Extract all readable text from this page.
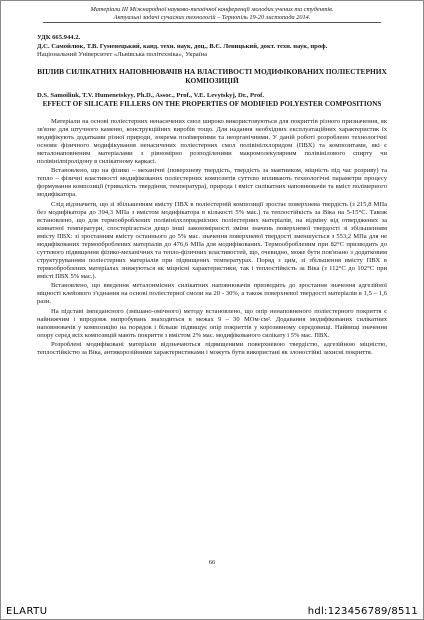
Матеріали ІІІ Міжнародної науково-технічної конференції молодих учених та студентів.
Актуальні задачі сучасних технологій – Тернопіль 19-20 листопада 2014.
УДК 665.944.2.
Д.С. Самойлюк, Т.В. Гуменецький, канд. техн. наук, доц., В.Є. Левицький, докт. техн. наук, проф.
Національний Університет «Львівська політехніка», Україна
ВПЛИВ СИЛІКАТНИХ НАПОВНЮВАЧІВ НА ВЛАСТИВОСТІ МОДИФІКОВАНИХ ПОЛІЕСТЕРНИХ КОМПОЗИЦІЙ
D.S. Samoiliuk, T.V. Humenetskyy, Ph.D., Assoc., Prof., V.E. Levytskyj, Dr., Prof.
EFFECT OF SILICATE FILLERS ON THE PROPERTIES OF MODIFIED POLYESTER COMPOSITIONS

Матеріали на основі поліестерних ненасичених смол широко використовуються для покриттів різного призначення, як зв'язне для штучного каменю, конструкційних виробів тощо. Для надання необхідних експлуатаційних характеристик їх модифікують додатками різної природи, зокрема полімерними та неорганічними. У даній роботі розроблено технологічні основи фізичного модифікування ненасичених поліестерних смол полівінілхлоридом (ПВХ) та композитами, які є металонаповненим матеріалами з рівномірно розподіленими макромолекулярним полівінілового спирту чи полівінілпіролідону в силікатному каркасі.

Встановлено, що на фізико – механічні (поверхневу твердість, твердість за маятником, міцність під час розриву) та тепло – фізичні властивості модифікованих поліестерних композитів суттєво впливають технологічні параметри процесу формування композиції (тривалість твердіння, температура), природа і вміст силікатних наповнювачів та вміст полімерного модифікатора.

Слід відзначити, що зі збільшенням вмісту ПВХ в поліестерній композиції зростає поверхнева твердість (з 215,8 МПа без модифікатора до 394,3 МПа з вмістом модифікатора в кількості 5% мас.) та теплостійкість за Віка на 5-15°С. Також встановлено, що для термооброблених полівінілхлоридмісних поліестерних матеріалів, на відміну від отверджених за кімнатної температури, спостерігається дещо інші закономірності зміни значень поверхневої твердості зі збільшенням вмісту ПВХ: зі зростанням вмісту останнього до 5% мас. значення поверхневої твердості зменшується з 553,2 МПа для не модифікованих термооброблених матеріалів до 476,6 МПа для модифікованих. Термообробленим при 82°С призводить до суттєвого підвищення фізико-механічних та тепло-фізичних властивостей, що, очевидно, може бути пов'язано з додатковим структуруванням поліестерних матеріалів при підвищених температурах. Поряд з цим, зі збільшення вмісту ПВХ в термооброблених матеріалах знижуються як міцнісні характеристики, так і теплостійкість за Віка (з 112°С до 102°С при вмісті ПВХ 5% мас.).

Встановлено, що введення металонмісних силікатних наповнювачів призводить до зростання значення адгезійної міцності клейового з'єднання на основі поліестерної смоли на 20 - 30%, а також поверхневої твердості матеріалів в 1,5 – 1,6 рази.

На підставі імпедансного (змішано-омічного) методу встановлено, що опір ненаповненого поліестерного покриття є найнижчим і впродовж випробувань знаходиться в межах 9 – 30 МОм·см². Додавання модифікованих силікатних наповнювачів у композицію на порядок і більше підвищує опір покриттів у корозивному середовищі. Найвищі значення опору серед всіх композицій мають покриття з вмістом 2% мас. модифікованого силікату і 5% мас. ПВХ.

Розроблені модифіковані матеріали відзначаються підвищеними поверхневою твердістю, адгезійною міцністю, теплостійкістю за Віка, антикорозійними характеристиками і можуть бути використані як злоностійкі захисні покриття.

66
ELARTU	hdl:123456789/8511
